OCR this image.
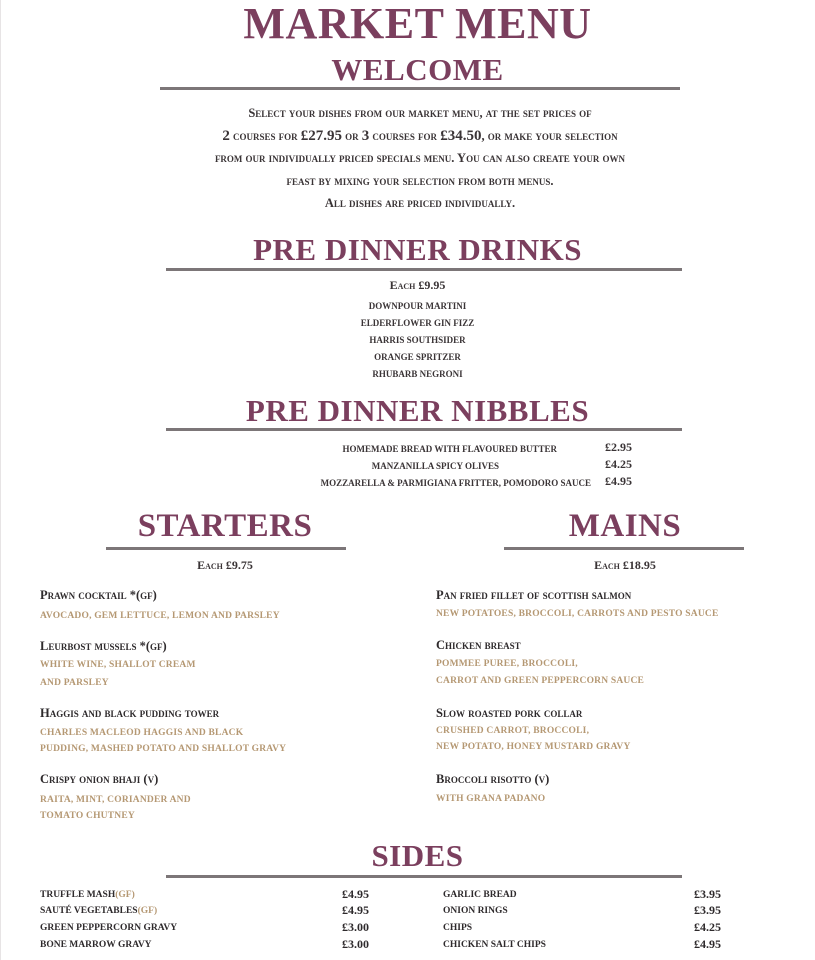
MARKET MENU
WELCOME
Select your dishes from our market menu, at the set prices of
2 courses for £27.95 or 3 courses for £34.50, or make your selection
from our individually priced specials menu. You can also create your own
feast by mixing your selection from both menus.
All dishes are priced individually.
PRE DINNER DRINKS
Each £9.95
DOWNPOUR MARTINI
ELDERFLOWER GIN FIZZ
HARRIS SOUTHSIDER
ORANGE SPRITZER
RHUBARB NEGRONI
PRE DINNER NIBBLES
HOMEMADE BREAD WITH FLAVOURED BUTTER	£2.95
MANZANILLA SPICY OLIVES	£4.25
MOZZARELLA & PARMIGIANA FRITTER, POMODORO SAUCE £4.95
STARTERS
Each £9.75
Prawn cocktail *(gf)
AVOCADO, GEM LETTUCE, LEMON AND PARSLEY
Leurbost mussels *(gf)
WHITE WINE, SHALLOT CREAM
AND PARSLEY
Haggis and black pudding tower
CHARLES MACLEOD HAGGIS AND BLACK
PUDDING, MASHED POTATO AND SHALLOT GRAVY
Crispy onion bhaji (v)
RAITA, MINT, CORIANDER AND
TOMATO CHUTNEY
MAINS
Each £18.95
Pan fried fillet of scottish salmon
NEW POTATOES, BROCCOLI, CARROTS AND PESTO SAUCE
Chicken breast
POMMEE PUREE, BROCCOLI,
CARROT AND GREEN PEPPERCORN SAUCE
Slow roasted pork collar
CRUSHED CARROT, BROCCOLI,
NEW POTATO, HONEY MUSTARD GRAVY
Broccoli risotto (v)
WITH GRANA PADANO
SIDES
TRUFFLE MASH(GF)	£4.95
SAUTÉ VEGETABLES(GF)	£4.95
GREEN PEPPERCORN GRAVY	£3.00
BONE MARROW GRAVY	£3.00
GARLIC BREAD	£3.95
ONION RINGS	£3.95
CHIPS	£4.25
CHICKEN SALT CHIPS	£4.95
